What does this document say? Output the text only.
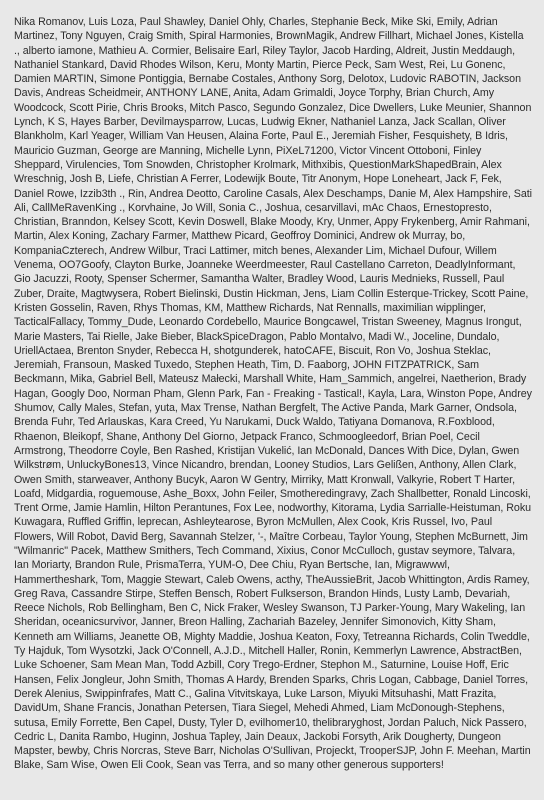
Nika Romanov, Luis Loza, Paul Shawley, Daniel Ohly, Charles, Stephanie Beck, Mike Ski, Emily, Adrian Martinez, Tony Nguyen, Craig Smith, Spiral Harmonies, BrownMagik, Andrew Fillhart, Michael Jones, Kistella ., alberto iamone, Mathieu A. Cormier, Belisaire Earl, Riley Taylor, Jacob Harding, Aldreit, Justin Meddaugh, Nathaniel Stankard, David Rhodes Wilson, Keru, Monty Martin, Pierce Peck, Sam West, Rei, Lu Gonenc, Damien MARTIN, Simone Pontiggia, Bernabe Costales, Anthony Sorg, Delotox, Ludovic RABOTIN, Jackson Davis, Andreas Scheidmeir, ANTHONY LANE, Anita, Adam Grimaldi, Joyce Torphy, Brian Church, Amy Woodcock, Scott Pirie, Chris Brooks, Mitch Pasco, Segundo Gonzalez, Dice Dwellers, Luke Meunier, Shannon Lynch, K S, Hayes Barber, Devilmaysparrow, Lucas, Ludwig Ekner, Nathaniel Lanza, Jack Scallan, Oliver Blankholm, Karl Yeager, William Van Heusen, Alaina Forte, Paul E., Jeremiah Fisher, Fesquishety, B Idris, Mauricio Guzman, George are Manning, Michelle Lynn, PiXeL71200, Victor Vincent Ottoboni, Finley Sheppard, Virulencies, Tom Snowden, Christopher Krolmark, Mithxibis, QuestionMarkShapedBrain, Alex Wreschnig, Josh B, Liefe, Christian A Ferrer, Lodewijk Boute, Titr Anonym, Hope Loneheart, Jack F, Fek, Daniel Rowe, Izzib3th ., Rin, Andrea Deotto, Caroline Casals, Alex Deschamps, Danie M, Alex Hampshire, Sati Ali, CallMeRavenKing ., Korvhaine, Jo Will, Sonia C., Joshua, cesarvillavi, mAc Chaos, Ernestopresto, Christian, Branndon, Kelsey Scott, Kevin Doswell, Blake Moody, Kry, Unmer, Appy Frykenberg, Amir Rahmani, Martin, Alex Koning, Zachary Farmer, Matthew Picard, Geoffroy Dominici, Andrew ok Murray, bo, KompaniaCzterech, Andrew Wilbur, Traci Lattimer, mitch benes, Alexander Lim, Michael Dufour, Willem Venema, OO7Goofy, Clayton Burke, Joanneke Weerdmeester, Raul Castellano Carreton, DeadlyInformant, Gio Jacuzzi, Rooty, Spenser Schermer, Samantha Walter, Bradley Wood, Lauris Mednieks, Russell, Paul Zuber, Draite, Magtwysera, Robert Bielinski, Dustin Hickman, Jens, Liam Collin Esterque-Trickey, Scott Paine, Kristen Gosselin, Raven, Rhys Thomas, KM, Matthew Richards, Nat Rennalls, maximilian wipplinger, TacticalFallacy, Tommy_Dude, Leonardo Cordebello, Maurice Bongcawel, Tristan Sweeney, Magnus Irongut, Marie Masters, Tai Rielle, Jake Bieber, BlackSpiceDragon, Pablo Montalvo, Madi W., Joceline, Dundalo, UriellActaea, Brenton Snyder, Rebecca H, shotgunderek, hatoCAFE, Biscuit, Ron Vo, Joshua Steklac, Jeremiah, Fransoun, Masked Tuxedo, Stephen Heath, Tim, D. Faaborg, JOHN FITZPATRICK, Sam Beckmann, Mika, Gabriel Bell, Mateusz Małecki, Marshall White, Ham_Sammich, angelrei, Naetherion, Brady Hagan, Googly Doo, Norman Pham, Glenn Park, Fan - Freaking - Tastical!, Kayla, Lara, Winston Pope, Andrey Shumov, Cally Males, Stefan, yuta, Max Trense, Nathan Bergfelt, The Active Panda, Mark Garner, Ondsola, Brenda Fuhr, Ted Arlauskas, Kara Creed, Yu Narukami, Duck Waldo, Tatiyana Domanova, R.Foxblood, Rhaenon, Bleikopf, Shane, Anthony Del Giorno, Jetpack Franco, Schmoogleedorf, Brian Poel, Cecil Armstrong, Theodorre Coyle, Ben Rashed, Kristijan Vukelić, Ian McDonald, Dances With Dice, Dylan, Gwen Wilkstrøm, UnluckyBones13, Vince Nicandro, brendan, Looney Studios, Lars Gelißen, Anthony, Allen Clark, Owen Smith, starweaver, Anthony Bucyk, Aaron W Gentry, Mirriky, Matt Kronwall, Valkyrie, Robert T Harter, Loafd, Midgardia, roguemouse, Ashe_Boxx, John Feiler, Smotheredingravy, Zach Shallbetter, Ronald Lincoski, Trent Orme, Jamie Hamlin, Hilton Perantunes, Fox Lee, nodworthy, Kitorama, Lydia Sarrialle-Heistuman, Roku Kuwagara, Ruffled Griffin, leprecan, Ashleytearose, Byron McMullen, Alex Cook, Kris Russel, Ivo, Paul Flowers, Will Robot, David Berg, Savannah Stelzer, '-, Maître Corbeau, Taylor Young, Stephen McBurnett, Jim "Wilmanric" Pacek, Matthew Smithers, Tech Command, Xixius, Conor McCulloch, gustav seymore, Talvara, Ian Moriarty, Brandon Rule, PrismaTerra, YUM-O, Dee Chiu, Ryan Bertsche, Ian, Migrawwwl, Hammertheshark, Tom, Maggie Stewart, Caleb Owens, acthy, TheAussieBrit, Jacob Whittington, Ardis Ramey, Greg Rava, Cassandre Stirpe, Steffen Bensch, Robert Fulkserson, Brandon Hinds, Lusty Lamb, Devariah, Reece Nichols, Rob Bellingham, Ben C, Nick Fraker, Wesley Swanson, TJ Parker-Young, Mary Wakeling, Ian Sheridan, oceanicsurvivor, Janner, Breon Halling, Zachariah Bazeley, Jennifer Simonovich, Kitty Sham, Kenneth am Williams, Jeanette OB, Mighty Maddie, Joshua Keaton, Foxy, Tetreanna Richards, Colin Tweddle, Ty Hajduk, Tom Wysotzki, Jack O'Connell, A.J.D., Mitchell Haller, Ronin, Kemmerlyn Lawrence, AbstractBen, Luke Schoener, Sam Mean Man, Todd Azbill, Cory Trego-Erdner, Stephon M., Saturnine, Louise Hoff, Eric Hansen, Felix Jongleur, John Smith, Thomas A Hardy, Brenden Sparks, Chris Logan, Cabbage, Daniel Torres, Derek Alenius, Swippinfrafes, Matt C., Galina Vitvitskaya, Luke Larson, Miyuki Mitsuhashi, Matt Frazita, DavidUm, Shane Francis, Jonathan Petersen, Tiara Siegel, Mehedi Ahmed, Liam McDonough-Stephens, sutusa, Emily Forrette, Ben Capel, Dusty, Tyler D, evilhomer10, thelibraryghost, Jordan Paluch, Nick Passero, Cedric L, Danita Rambo, Huginn, Joshua Tapley, Jain Deaux, Jackobi Forsyth, Arik Dougherty, Dungeon Mapster, bewby, Chris Norcras, Steve Barr, Nicholas O'Sullivan, Projeckt, TrooperSJP, John F. Meehan, Martin Blake, Sam Wise, Owen Eli Cook, Sean vas Terra, and so many other generous supporters!
